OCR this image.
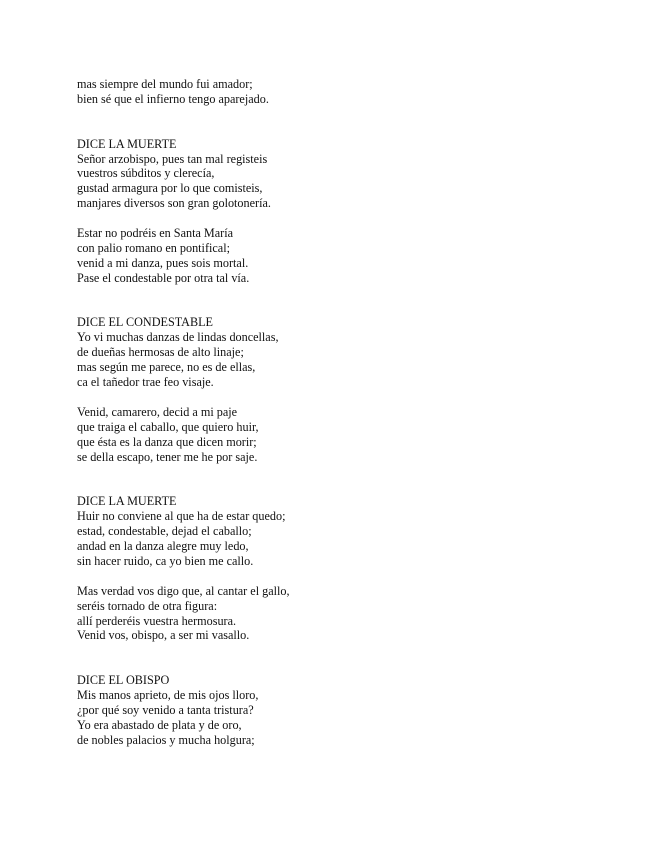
mas siempre del mundo fui amador;
bien sé que el infierno tengo aparejado.
DICE LA MUERTE
Señor arzobispo, pues tan mal registeis
vuestros súbditos y clerecía,
gustad armagura por lo que comisteis,
manjares diversos son gran golotonería.
Estar no podréis en Santa María
con palio romano en pontifical;
venid a mi danza, pues sois mortal.
Pase el condestable por otra tal vía.
DICE EL CONDESTABLE
Yo vi muchas danzas de lindas doncellas,
de dueñas hermosas de alto linaje;
mas según me parece, no es de ellas,
ca el tañedor trae feo visaje.
Venid, camarero, decid a mi paje
que traiga el caballo, que quiero huir,
que ésta es la danza que dicen morir;
se della escapo, tener me he por saje.
DICE LA MUERTE
Huir no conviene al que ha de estar quedo;
estad, condestable, dejad el caballo;
andad en la danza alegre muy ledo,
sin hacer ruido, ca yo bien me callo.
Mas verdad vos digo que, al cantar el gallo,
seréis tornado de otra figura:
allí perderéis vuestra hermosura.
Venid vos, obispo, a ser mi vasallo.
DICE EL OBISPO
Mis manos aprieto, de mis ojos lloro,
¿por qué soy venido a tanta tristura?
Yo era abastado de plata y de oro,
de nobles palacios y mucha holgura;
